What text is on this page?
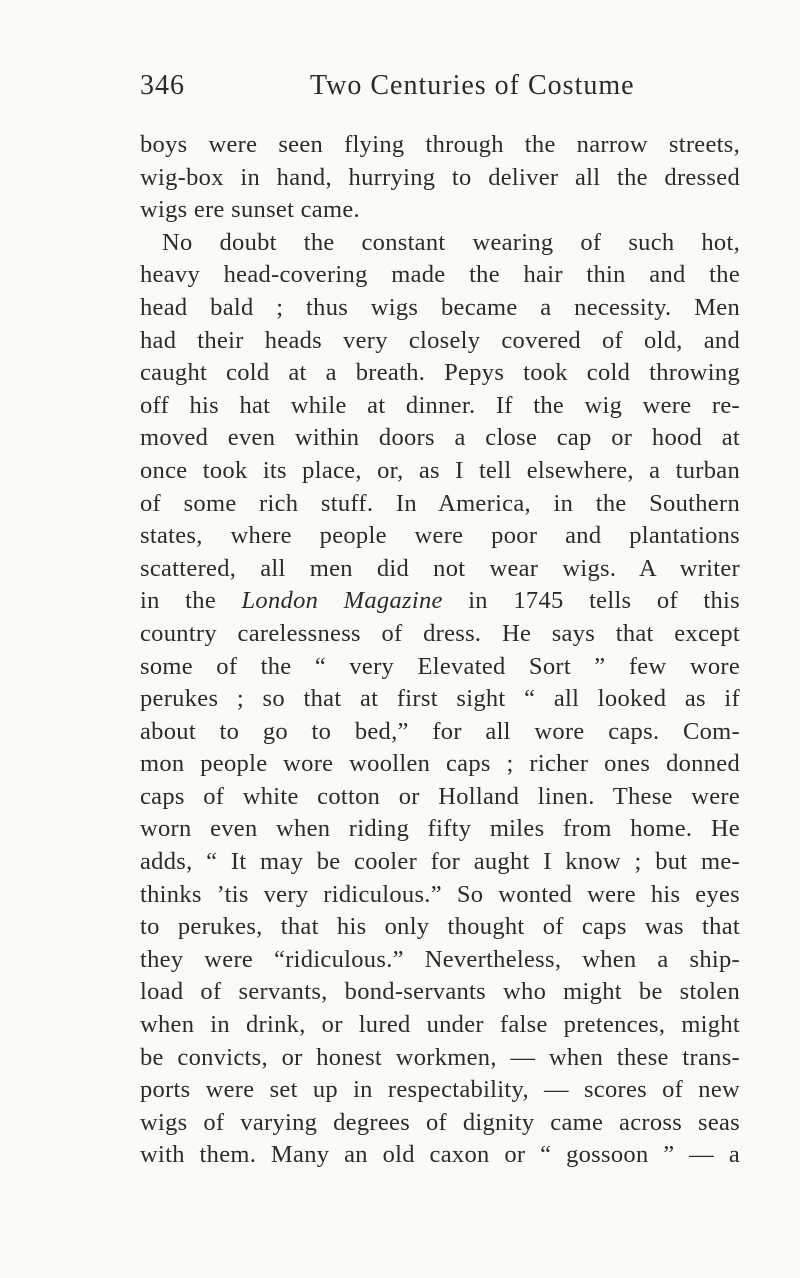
346	Two Centuries of Costume
boys were seen flying through the narrow streets,
wig-box in hand, hurrying to deliver all the dressed
wigs ere sunset came.
No doubt the constant wearing of such hot,
heavy head-covering made the hair thin and the
head bald ; thus wigs became a necessity. Men
had their heads very closely covered of old, and
caught cold at a breath. Pepys took cold throwing
off his hat while at dinner. If the wig were re-
moved even within doors a close cap or hood at
once took its place, or, as I tell elsewhere, a turban
of some rich stuff. In America, in the Southern
states, where people were poor and plantations
scattered, all men did not wear wigs. A writer
in the London Magazine in 1745 tells of this
country carelessness of dress. He says that except
some of the “ very Elevated Sort ” few wore
perukes ; so that at first sight “ all looked as if
about to go to bed,” for all wore caps. Com-
mon people wore woollen caps ; richer ones donned
caps of white cotton or Holland linen. These were
worn even when riding fifty miles from home. He
adds, “ It may be cooler for aught I know ; but me-
thinks ’tis very ridiculous.” So wonted were his eyes
to perukes, that his only thought of caps was that
they were “ridiculous.” Nevertheless, when a ship-
load of servants, bond-servants who might be stolen
when in drink, or lured under false pretences, might
be convicts, or honest workmen, — when these trans-
ports were set up in respectability, — scores of new
wigs of varying degrees of dignity came across seas
with them. Many an old caxon or “ gossoon ” — a
